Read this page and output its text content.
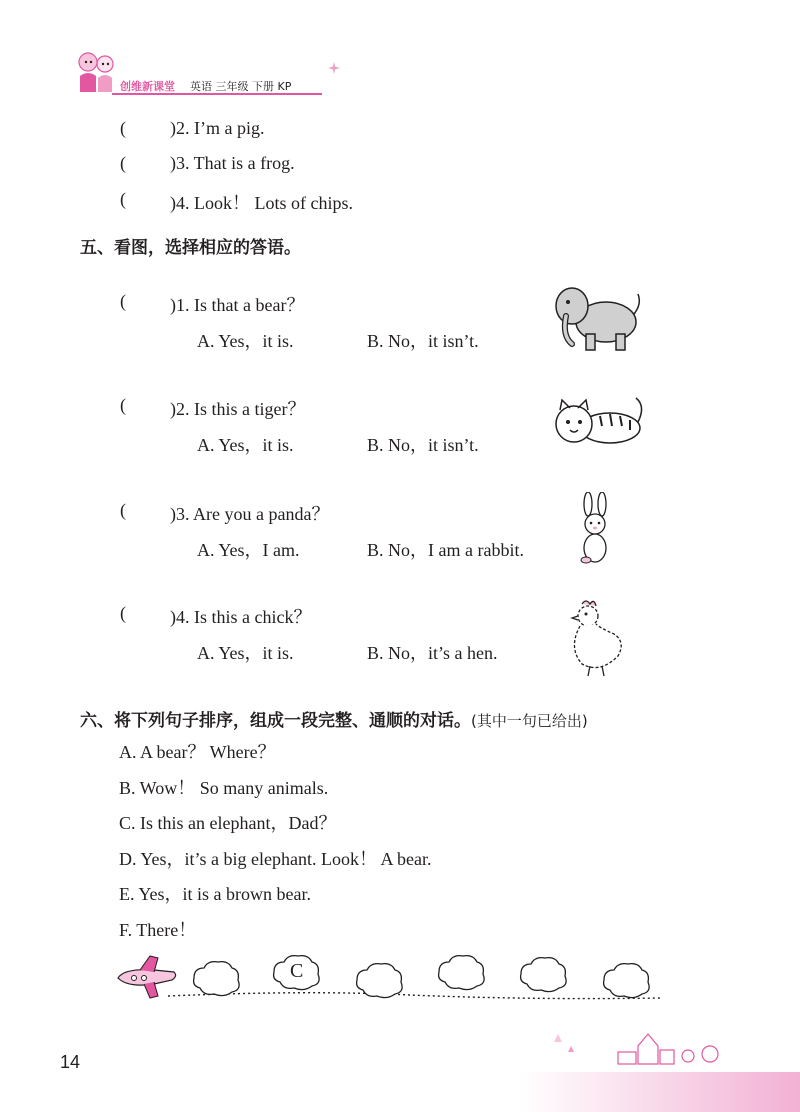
创维新课堂 英语 三年级 下册 KP
( )2. I’m a pig.
( )3. That is a frog.
( )4. Look！ Lots of chips.
五、看图，选择相应的答语。
( )1. Is that a bear？
A. Yes，it is.	B. No，it isn’t.
( )2. Is this a tiger？
A. Yes，it is.	B. No，it isn’t.
( )3. Are you a panda？
A. Yes，I am.	B. No，I am a rabbit.
( )4. Is this a chick？
A. Yes，it is.	B. No，it’s a hen.
六、将下列句子排序，组成一段完整、通顺的对话。(其中一句已给出)
A. A bear？ Where？
B. Wow！ So many animals.
C. Is this an elephant，Dad？
D. Yes，it’s a big elephant. Look！ A bear.
E. Yes，it is a brown bear.
F. There！
C
14
